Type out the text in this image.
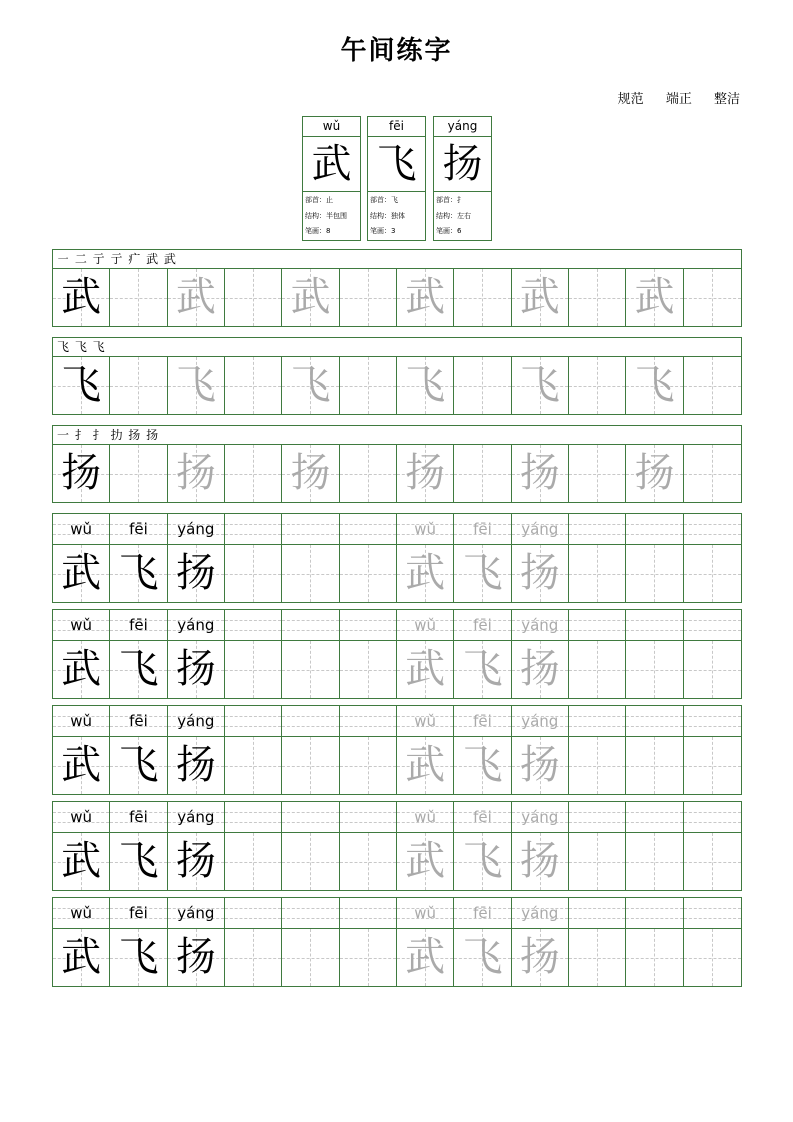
午间练字
规范 端正 整洁
wǔ
武
部首：止
结构：半包围
笔画：8
fēi
飞
部首：飞
结构：独体
笔画：3
yáng
扬
部首：扌
结构：左右
笔画：6
㇐ 二 亍 亍 疒 武 武
武 武 武 武 武 武
飞 飞 飞
飞 飞 飞 飞 飞 飞
一 扌 扌 扐 扬 扬
扬 扬 扬 扬 扬 扬
wǔ	fēi	yáng	wǔ	fēi	yáng
武 飞 扬	武 飞 扬
wǔ	fēi	yáng	wǔ	fēi	yáng
武 飞 扬	武 飞 扬
wǔ	fēi	yáng	wǔ	fēi	yáng
武 飞 扬	武 飞 扬
wǔ	fēi	yáng	wǔ	fēi	yáng
武 飞 扬	武 飞 扬
wǔ	fēi	yáng	wǔ	fēi	yáng
武 飞 扬	武 飞 扬
